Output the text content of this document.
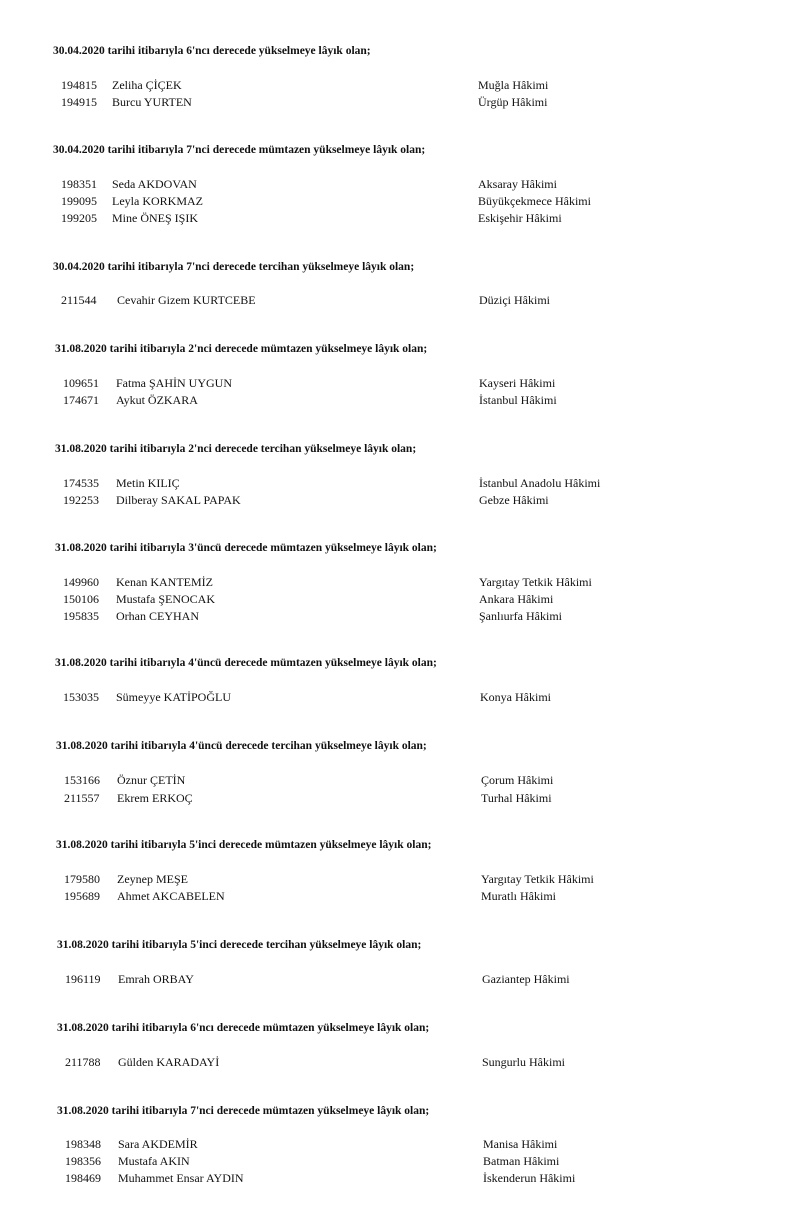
30.04.2020 tarihi itibarıyla 6'ncı derecede yükselmeye lâyık olan;
194815 Zeliha ÇİÇEK	Muğla Hâkimi
194915 Burcu YURTEN	Ürgüp Hâkimi
30.04.2020 tarihi itibarıyla 7'nci derecede mümtazen yükselmeye lâyık olan;
198351 Seda AKDOVAN	Aksaray Hâkimi
199095 Leyla KORKMAZ	Büyükçekmece Hâkimi
199205 Mine ÖNEŞ IŞIK	Eskişehir Hâkimi
30.04.2020 tarihi itibarıyla 7'nci derecede tercihan yükselmeye lâyık olan;
211544 Cevahir Gizem KURTCEBE	Düziçi Hâkimi
31.08.2020 tarihi itibarıyla 2'nci derecede mümtazen yükselmeye lâyık olan;
109651 Fatma ŞAHİN UYGUN	Kayseri Hâkimi
174671 Aykut ÖZKARA	İstanbul Hâkimi
31.08.2020 tarihi itibarıyla 2'nci derecede tercihan yükselmeye lâyık olan;
174535 Metin KILIÇ	İstanbul Anadolu Hâkimi
192253 Dilberay SAKAL PAPAK	Gebze Hâkimi
31.08.2020 tarihi itibarıyla 3'üncü derecede mümtazen yükselmeye lâyık olan;
149960 Kenan KANTEMİZ	Yargıtay Tetkik Hâkimi
150106 Mustafa ŞENOCAK	Ankara Hâkimi
195835 Orhan CEYHAN	Şanlıurfa Hâkimi
31.08.2020 tarihi itibarıyla 4'üncü derecede mümtazen yükselmeye lâyık olan;
153035 Sümeyye KATİPOĞLU	Konya Hâkimi
31.08.2020 tarihi itibarıyla 4'üncü derecede tercihan yükselmeye lâyık olan;
153166 Öznur ÇETİN	Çorum Hâkimi
211557 Ekrem ERKOÇ	Turhal Hâkimi
31.08.2020 tarihi itibarıyla 5'inci derecede mümtazen yükselmeye lâyık olan;
179580 Zeynep MEŞE	Yargıtay Tetkik Hâkimi
195689 Ahmet AKCABELEN	Muratlı Hâkimi
31.08.2020 tarihi itibarıyla 5'inci derecede tercihan yükselmeye lâyık olan;
196119 Emrah ORBAY	Gaziantep Hâkimi
31.08.2020 tarihi itibarıyla 6'ncı derecede mümtazen yükselmeye lâyık olan;
211788 Gülden KARADAYİ	Sungurlu Hâkimi
31.08.2020 tarihi itibarıyla 7'nci derecede mümtazen yükselmeye lâyık olan;
198348 Sara AKDEMİR	Manisa Hâkimi
198356 Mustafa AKIN	Batman Hâkimi
198469 Muhammet Ensar AYDIN	İskenderun Hâkimi
